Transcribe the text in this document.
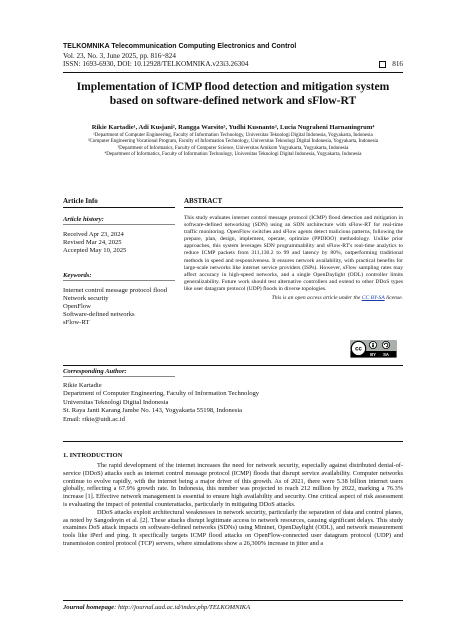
TELKOMNIKA Telecommunication Computing Electronics and Control
Vol. 23, No. 3, June 2025, pp. 816~824
ISSN: 1693-6930, DOI: 10.12928/TELKOMNIKA.v23i3.26304	816
Implementation of ICMP flood detection and mitigation system based on software-defined network and sFlow-RT
Rikie Kartadie¹, Adi Kusjani², Rangga Warsito³, Yudhi Kusnanto³, Lucia Nugraheni Harnaningrum⁴
¹Department of Computer Engineering, Faculty of Information Technology, Universitas Teknologi Digital Indonesia, Yogyakarta, Indonesia
²Computer Engineering Vocational Program, Faculty of Information Technology, Universitas Teknologi Digital Indonesia, Yogyakarta, Indonesia
³Department of Informatics, Faculty of Computer Science, Universitas Amikom Yogyakarta, Yogyakarta, Indonesia
⁴Department of Informatics, Faculty of Information Technology, Universitas Teknologi Digital Indonesia, Yogyakarta, Indonesia
Article Info
Article history:
Received Apr 23, 2024
Revised Mar 24, 2025
Accepted May 10, 2025
Keywords:
Internet control message protocol flood
Network security
OpenFlow
Software-defined networks
sFlow-RT
ABSTRACT
This study evaluates internet control message protocol (ICMP) flood detection and mitigation in software-defined networking (SDN) using an SDN architecture with sFlow-RT for real-time traffic monitoring. OpenFlow switches and sFlow agents detect malicious patterns, following the prepare, plan, design, implement, operate, optimize (PPDIOO) methodology. Unlike prior approaches, this system leverages SDN programmability and sFlow-RT's real-time analytics to reduce ICMP packets from 311,130.2 to 99 and latency by 80%, outperforming traditional methods in speed and responsiveness. It ensures network availability, with practical benefits for large-scale networks like internet service providers (ISPs). However, sFlow sampling rates may affect accuracy in high-speed networks, and a single OpenDaylight (ODL) controller limits generalizability. Future work should test alternative controllers and extend to other DDoS types like user datagram protocol (UDP) floods in diverse topologies.
This is an open access article under the CC BY-SA license.
cc
BY SA
Corresponding Author:
Rikie Kartadie
Department of Computer Engineering, Faculty of Information Technology
Universitas Teknologi Digital Indonesia
St. Raya Janti Karang Jambe No. 143, Yogyakarta 55198, Indonesia
Email: rikie@utdi.ac.id
1. INTRODUCTION

The rapid development of the internet increases the need for network security, especially against distributed denial-of-service (DDoS) attacks such as internet control message protocol (ICMP) floods that disrupt service availability. Computer networks continue to evolve rapidly, with the internet being a major driver of this growth. As of 2021, there were 5.38 billion internet users globally, reflecting a 67.9% growth rate. In Indonesia, this number was projected to reach 212 million by 2022, marking a 76.3% increase [1]. Effective network management is essential to ensure high availability and security. One critical aspect of risk assessment is evaluating the impact of potential counterattacks, particularly in mitigating DDoS attacks.

DDoS attacks exploit architectural weaknesses in network security, particularly the separation of data and control planes, as noted by Sangodoyin et al. [2]. These attacks disrupt legitimate access to network resources, causing significant delays. This study examines DoS attack impacts on software-defined networks (SDNs) using Mininet, OpenDaylight (ODL), and network measurement tools like iPerf and ping. It specifically targets ICMP flood attacks on OpenFlow-connected user datagram protocol (UDP) and transmission control protocol (TCP) servers, where simulations show a 26,300% increase in jitter and a

Journal homepage: http://journal.uad.ac.id/index.php/TELKOMNIKA
